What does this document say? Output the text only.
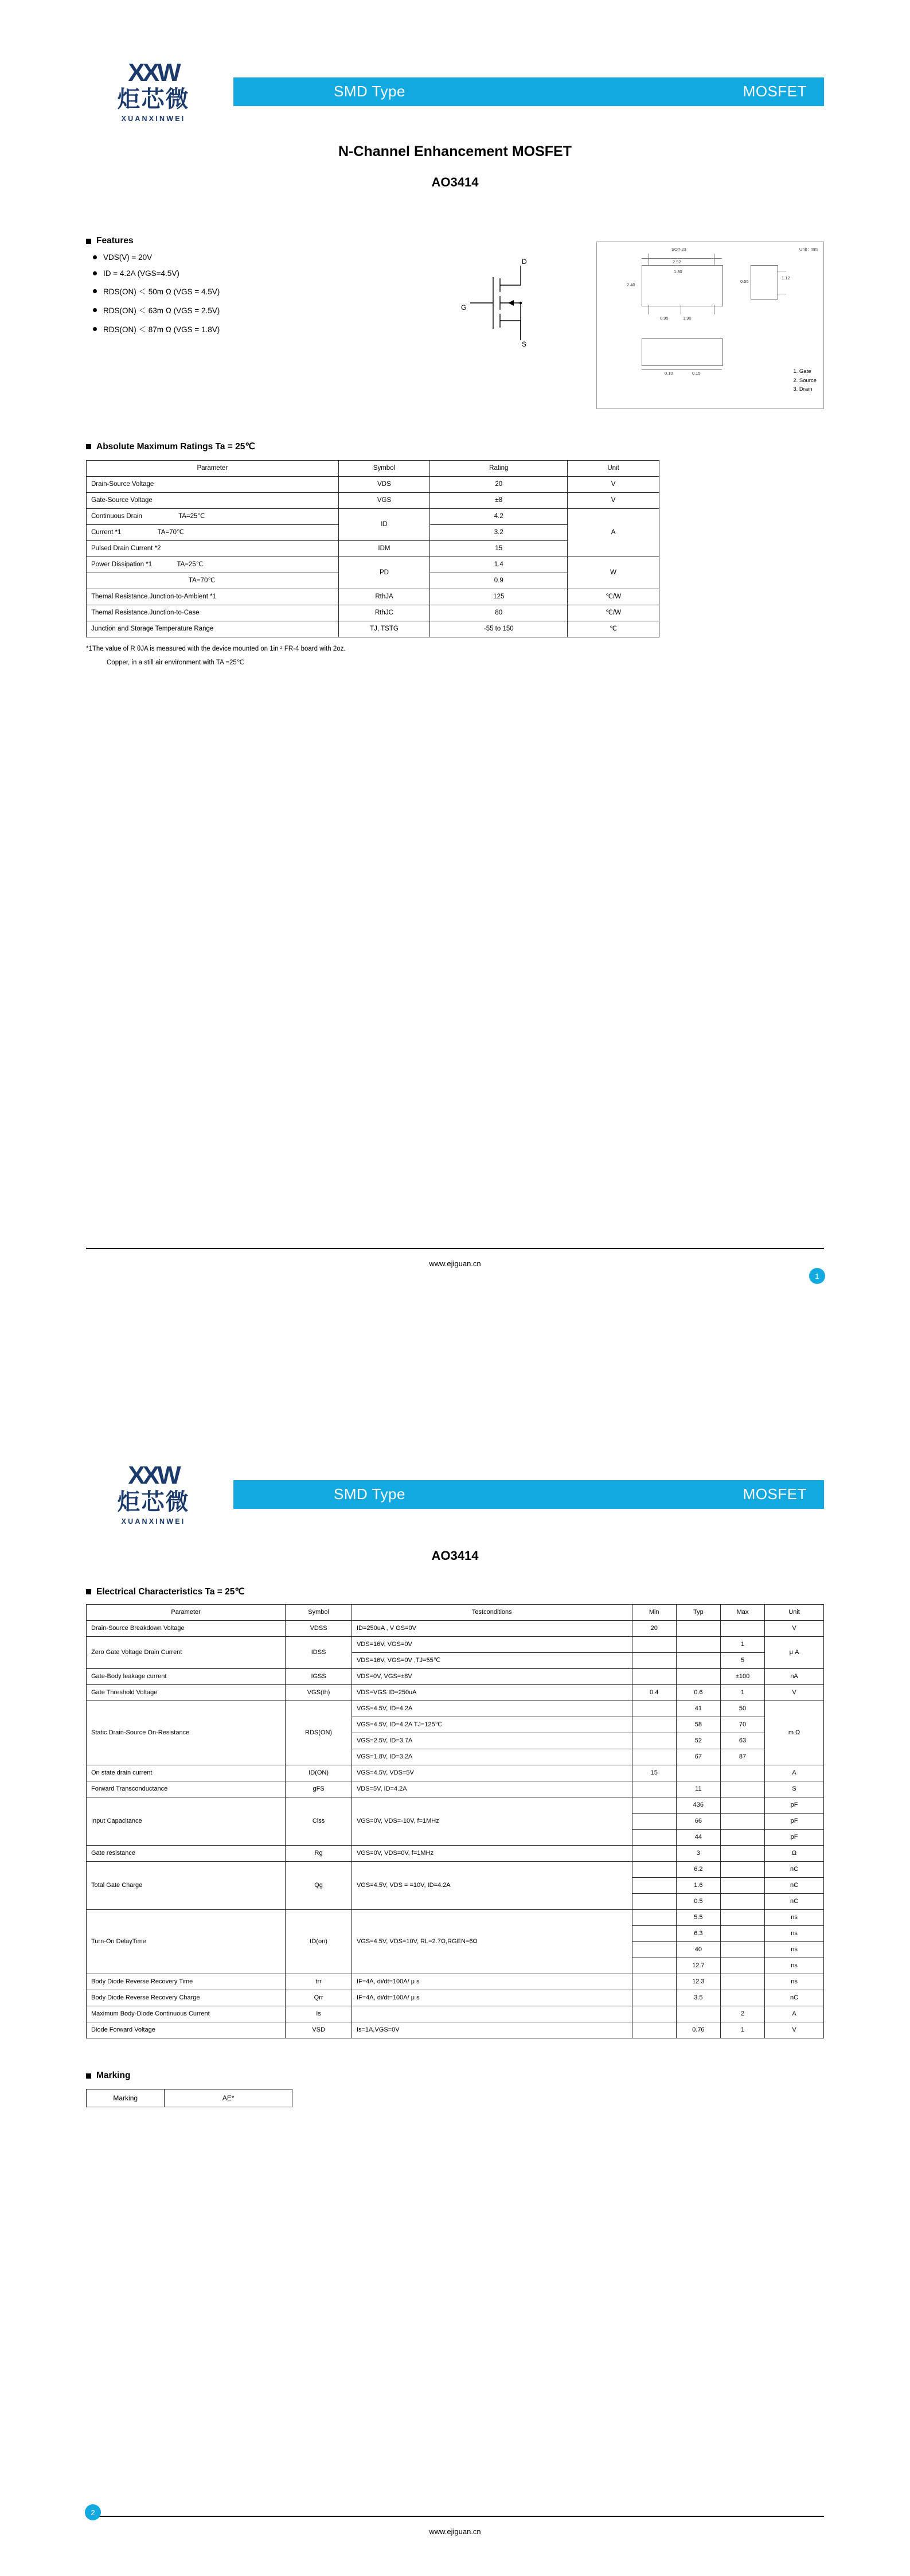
XXW
炬芯微
XUANXINWEI
SMD Type	MOSFET
N-Channel Enhancement MOSFET
AO3414
Features
VDS(V) = 20V
ID = 4.2A (VGS=4.5V)
RDS(ON) ＜ 50m Ω (VGS = 4.5V)
RDS(ON) ＜ 63m Ω (VGS = 2.5V)
RDS(ON) ＜ 87m Ω (VGS = 1.8V)
D
G
S
SOT-23	Unit : mm
2.92
1.30
0.95	1.90
2.40
1.12
0.55
0.10	0.15	1. Gate
2. Source
3. Drain
Absolute Maximum Ratings Ta = 25℃
Parameter	Symbol	Rating	Unit
Drain-Source Voltage	VDS	20	V
Gate-Source Voltage	VGS	±8	V
Continuous Drain TA=25℃	ID	4.2	A
Current *1 TA=70℃		3.2	
Pulsed Drain Current *2	IDM	15	
Power Dissipation *1 TA=25℃	PD	1.4	W
TA=70℃		0.9	
Themal Resistance.Junction-to-Ambient *1	RthJA	125	℃/W
Themal Resistance.Junction-to-Case	RthJC	80	℃/W
Junction and Storage Temperature Range	TJ, TSTG	-55 to 150	℃
*1The value of R θJA is measured with the device mounted on 1in ² FR-4 board with 2oz.
Copper, in a still air environment with TA =25℃
www.ejiguan.cn
1
XXW
炬芯微
XUANXINWEI
SMD Type	MOSFET
AO3414
Electrical Characteristics Ta = 25℃
Parameter	Symbol	Testconditions	Min	Typ	Max	Unit
Drain-Source Breakdown Voltage	VDSS	ID=250uA , V GS=0V	20			V
Zero Gate Voltage Drain Current	IDSS	VDS=16V, VGS=0V			1	μ A
		VDS=16V, VGS=0V ,TJ=55℃			5	
Gate-Body leakage current	IGSS	VDS=0V, VGS=±8V			±100	nA
Gate Threshold Voltage	VGS(th)	VDS=VGS ID=250uA	0.4	0.6	1	V
Static Drain-Source On-Resistance	RDS(ON)	VGS=4.5V, ID=4.2A		41	50	m Ω
		VGS=4.5V, ID=4.2A TJ=125℃		58	70	
		VGS=2.5V, ID=3.7A		52	63	
		VGS=1.8V, ID=3.2A		67	87	
On state drain current	ID(ON)	VGS=4.5V, VDS=5V	15			A
Forward Transconductance	gFS	VDS=5V, ID=4.2A		11		S
Input Capacitance	Ciss	VGS=0V, VDS=-10V, f=1MHz		436		pF
				66		pF
				44		pF
Gate resistance	Rg	VGS=0V, VDS=0V, f=1MHz		3		Ω
Total Gate Charge	Qg	VGS=4.5V, VDS = =10V, ID=4.2A		6.2		nC
				1.6		nC
				0.5		nC
Turn-On DelayTime	tD(on)	VGS=4.5V, VDS=10V, RL=2.7Ω,RGEN=6Ω		5.5		ns
				6.3		ns
				40		ns
				12.7		ns
Body Diode Reverse Recovery Time	trr	IF=4A, di/dt=100A/ μ s		12.3		ns
Body Diode Reverse Recovery Charge	Qrr	IF=4A, di/dt=100A/ μ s		3.5		nC
Maximum Body-Diode Continuous Current	Is				2	A
Diode Forward Voltage	VSD	Is=1A,VGS=0V		0.76	1	V
Marking
Marking	AE*
www.ejiguan.cn
2
